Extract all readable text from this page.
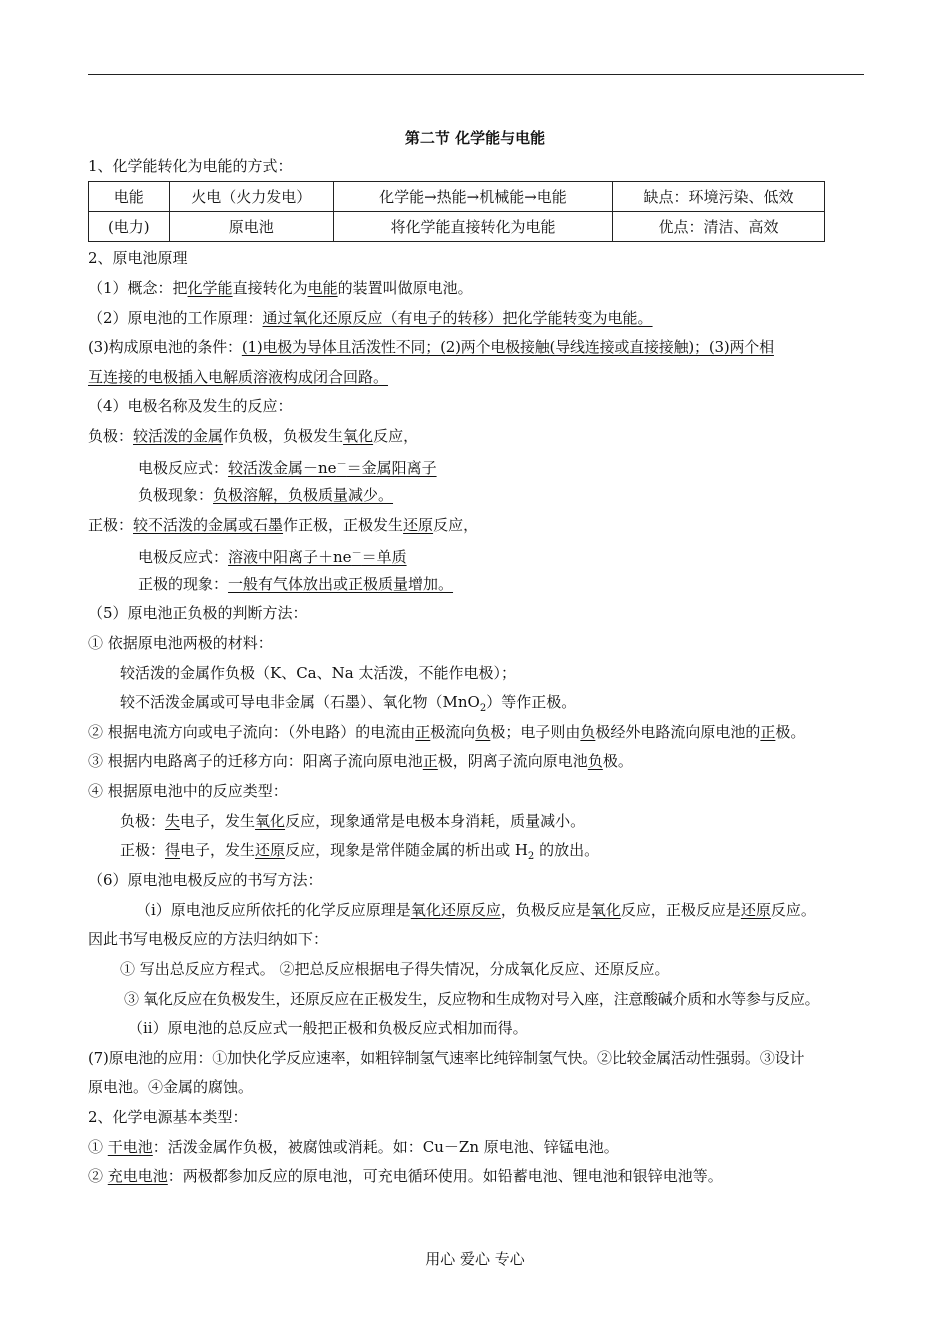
第二节 化学能与电能
1、化学能转化为电能的方式：
电能	火电（火力发电）	化学能→热能→机械能→电能	缺点：环境污染、低效
(电力)	原电池	将化学能直接转化为电能	优点：清洁、高效
2、原电池原理
（1）概念：把化学能直接转化为电能的装置叫做原电池。
（2）原电池的工作原理：通过氧化还原反应（有电子的转移）把化学能转变为电能。
(3)构成原电池的条件：(1)电极为导体且活泼性不同；(2)两个电极接触(导线连接或直接接触)；(3)两个相
互连接的电极插入电解质溶液构成闭合回路。
（4）电极名称及发生的反应：
负极：较活泼的金属作负极，负极发生氧化反应，
电极反应式：较活泼金属－ne－＝金属阳离子
负极现象：负极溶解，负极质量减少。
正极：较不活泼的金属或石墨作正极，正极发生还原反应，
电极反应式：溶液中阳离子＋ne－＝单质
正极的现象：一般有气体放出或正极质量增加。
（5）原电池正负极的判断方法：
① 依据原电池两极的材料：
较活泼的金属作负极（K、Ca、Na 太活泼，不能作电极）；
较不活泼金属或可导电非金属（石墨）、氧化物（MnO$_2$）等作正极。
② 根据电流方向或电子流向：（外电路）的电流由正极流向负极；电子则由负极经外电路流向原电池的正极。
③ 根据内电路离子的迁移方向：阳离子流向原电池正极，阴离子流向原电池负极。
④ 根据原电池中的反应类型：
负极：失电子，发生氧化反应，现象通常是电极本身消耗，质量减小。
正极：得电子，发生还原反应，现象是常伴随金属的析出或 $H_2$ 的放出。
（6）原电池电极反应的书写方法：
（i）原电池反应所依托的化学反应原理是氧化还原反应，负极反应是氧化反应，正极反应是还原反应。
因此书写电极反应的方法归纳如下：
① 写出总反应方程式。 ②把总反应根据电子得失情况，分成氧化反应、还原反应。
③ 氧化反应在负极发生，还原反应在正极发生，反应物和生成物对号入座，注意酸碱介质和水等参与反应。
（ii）原电池的总反应式一般把正极和负极反应式相加而得。
(7)原电池的应用：①加快化学反应速率，如粗锌制氢气速率比纯锌制氢气快。②比较金属活动性强弱。③设计
原电池。④金属的腐蚀。
2、化学电源基本类型：
① 干电池：活泼金属作负极，被腐蚀或消耗。如：Cu－Zn 原电池、锌锰电池。
② 充电电池：两极都参加反应的原电池，可充电循环使用。如铅蓄电池、锂电池和银锌电池等。
用心 爱心 专心
